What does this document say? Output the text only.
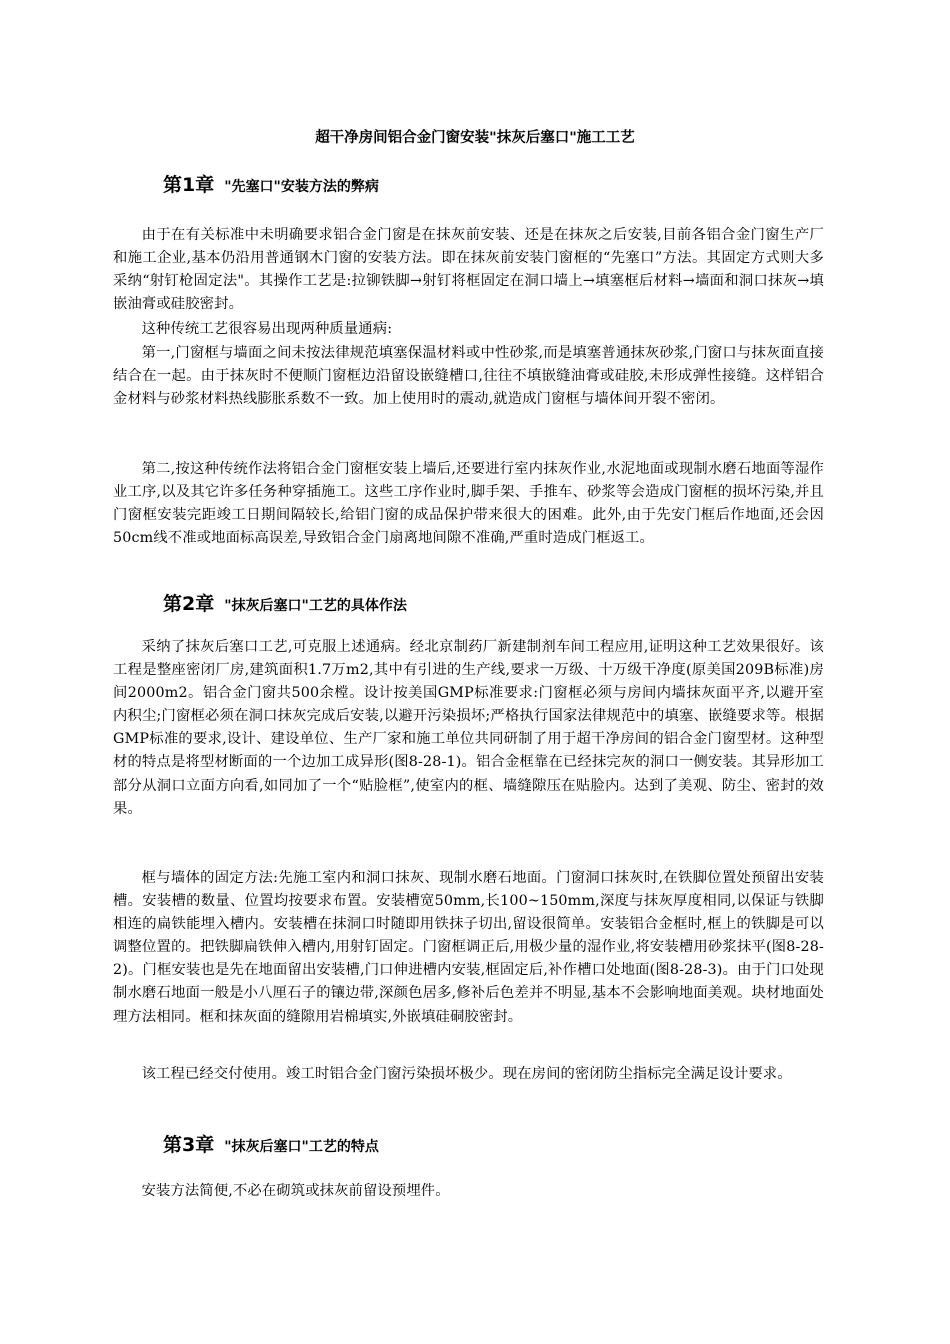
超干净房间铝合金门窗安装"抹灰后塞口"施工工艺
第1章 "先塞口"安装方法的弊病

由于在有关标准中未明确要求铝合金门窗是在抹灰前安装、还是在抹灰之后安装,目前各铝合金门窗生产厂和施工企业,基本仍沿用普通钢木门窗的安装方法。即在抹灰前安装门窗框的“先塞口”方法。其固定方式则大多采纳“射钉枪固定法"。其操作工艺是:拉铆铁脚→射钉将框固定在洞口墙上→填塞框后材料→墙面和洞口抹灰→填嵌油膏或硅胶密封。

这种传统工艺很容易出现两种质量通病:

第一,门窗框与墙面之间未按法律规范填塞保温材料或中性砂浆,而是填塞普通抹灰砂浆,门窗口与抹灰面直接结合在一起。由于抹灰时不便顺门窗框边沿留设嵌缝槽口,往往不填嵌缝油膏或硅胶,未形成弹性接缝。这样铝合金材料与砂浆材料热线膨胀系数不一致。加上使用时的震动,就造成门窗框与墙体间开裂不密闭。

第二,按这种传统作法将铝合金门窗框安装上墙后,还要进行室内抹灰作业,水泥地面或现制水磨石地面等湿作业工序,以及其它许多任务种穿插施工。这些工序作业时,脚手架、手推车、砂浆等会造成门窗框的损坏污染,并且门窗框安装完距竣工日期间隔较长,给铝门窗的成品保护带来很大的困难。此外,由于先安门框后作地面,还会因50cm线不准或地面标高误差,导致铝合金门扇离地间隙不准确,严重时造成门框返工。

第2章 "抹灰后塞口"工艺的具体作法

采纳了抹灰后塞口工艺,可克服上述通病。经北京制药厂新建制剂车间工程应用,证明这种工艺效果很好。该工程是整座密闭厂房,建筑面积1.7万m2,其中有引进的生产线,要求一万级、十万级干净度(原美国209B标准)房间2000m2。铝合金门窗共500余樘。设计按美国GMP标准要求:门窗框必须与房间内墙抹灰面平齐,以避开室内积尘;门窗框必须在洞口抹灰完成后安装,以避开污染损坏;严格执行国家法律规范中的填塞、嵌缝要求等。根据GMP标准的要求,设计、建设单位、生产厂家和施工单位共同研制了用于超干净房间的铝合金门窗型材。这种型材的特点是将型材断面的一个边加工成异形(图8-28-1)。铝合金框靠在已经抹完灰的洞口一侧安装。其异形加工部分从洞口立面方向看,如同加了一个“贴脸框”,使室内的框、墙缝隙压在贴脸内。达到了美观、防尘、密封的效果。

框与墙体的固定方法:先施工室内和洞口抹灰、现制水磨石地面。门窗洞口抹灰时,在铁脚位置处预留出安装槽。安装槽的数量、位置均按要求布置。安装槽宽50mm,长100~150mm,深度与抹灰厚度相同,以保证与铁脚相连的扁铁能埋入槽内。安装槽在抹洞口时随即用铁抹子切出,留设很简单。安装铝合金框时,框上的铁脚是可以调整位置的。把铁脚扁铁伸入槽内,用射钉固定。门窗框调正后,用极少量的湿作业,将安装槽用砂浆抹平(图8-28-2)。门框安装也是先在地面留出安装槽,门口伸进槽内安装,框固定后,补作槽口处地面(图8-28-3)。由于门口处现制水磨石地面一般是小八厘石子的镶边带,深颜色居多,修补后色差并不明显,基本不会影响地面美观。块材地面处理方法相同。框和抹灰面的缝隙用岩棉填实,外嵌填硅硐胶密封。

该工程已经交付使用。竣工时铝合金门窗污染损坏极少。现在房间的密闭防尘指标完全满足设计要求。

第3章 "抹灰后塞口"工艺的特点

安装方法简便,不必在砌筑或抹灰前留设预埋件。
